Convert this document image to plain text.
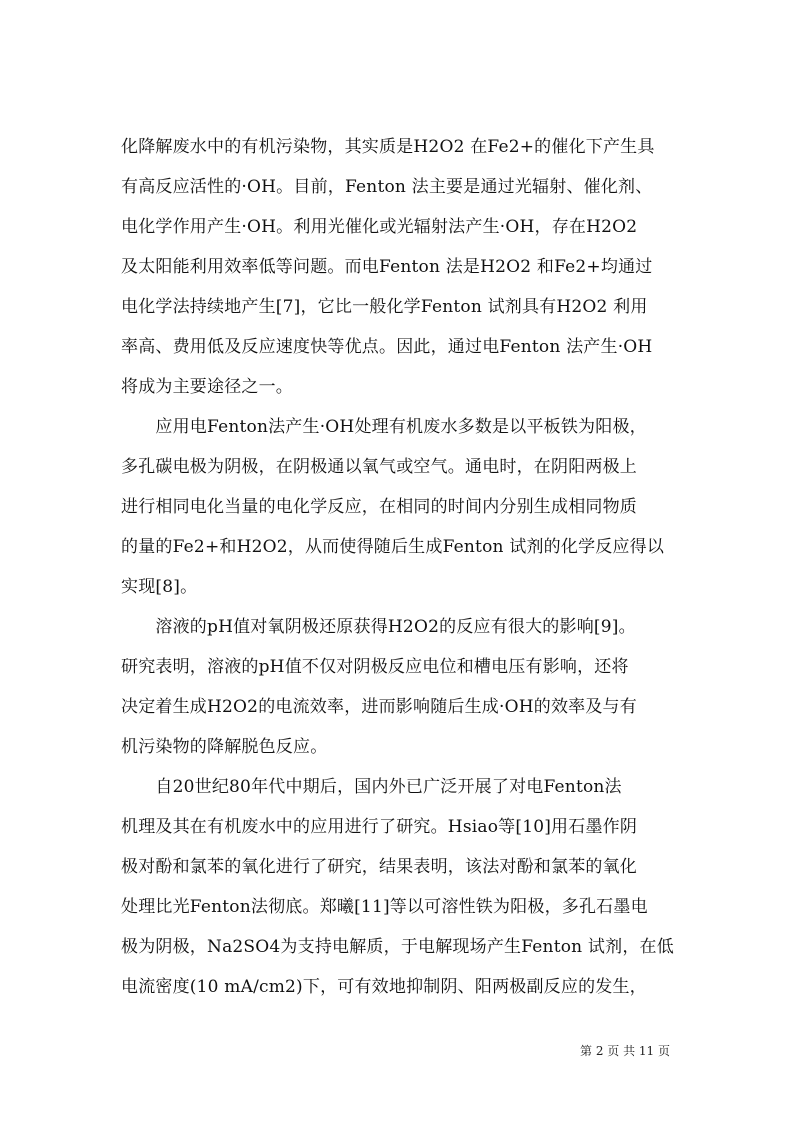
化降解废水中的有机污染物，其实质是H2O2 在Fe2+的催化下产生具
有高反应活性的·OH。目前，Fenton 法主要是通过光辐射、催化剂、
电化学作用产生·OH。利用光催化或光辐射法产生·OH，存在H2O2
及太阳能利用效率低等问题。而电Fenton 法是H2O2 和Fe2+均通过
电化学法持续地产生[7]，它比一般化学Fenton 试剂具有H2O2 利用
率高、费用低及反应速度快等优点。因此，通过电Fenton 法产生·OH
将成为主要途径之一。
　　应用电Fenton法产生·OH处理有机废水多数是以平板铁为阳极，
多孔碳电极为阴极，在阴极通以氧气或空气。通电时，在阴阳两极上
进行相同电化当量的电化学反应，在相同的时间内分别生成相同物质
的量的Fe2+和H2O2，从而使得随后生成Fenton 试剂的化学反应得以
实现[8]。
　　溶液的pH值对氧阴极还原获得H2O2的反应有很大的影响[9]。
研究表明，溶液的pH值不仅对阴极反应电位和槽电压有影响，还将
决定着生成H2O2的电流效率，进而影响随后生成·OH的效率及与有
机污染物的降解脱色反应。
　　自20世纪80年代中期后，国内外已广泛开展了对电Fenton法
机理及其在有机废水中的应用进行了研究。Hsiao等[10]用石墨作阴
极对酚和氯苯的氧化进行了研究，结果表明，该法对酚和氯苯的氧化
处理比光Fenton法彻底。郑曦[11]等以可溶性铁为阳极，多孔石墨电
极为阴极，Na2SO4为支持电解质，于电解现场产生Fenton 试剂，在低
电流密度(10 mA/cm2)下，可有效地抑制阴、阳两极副反应的发生，
第 2 页 共 11 页
